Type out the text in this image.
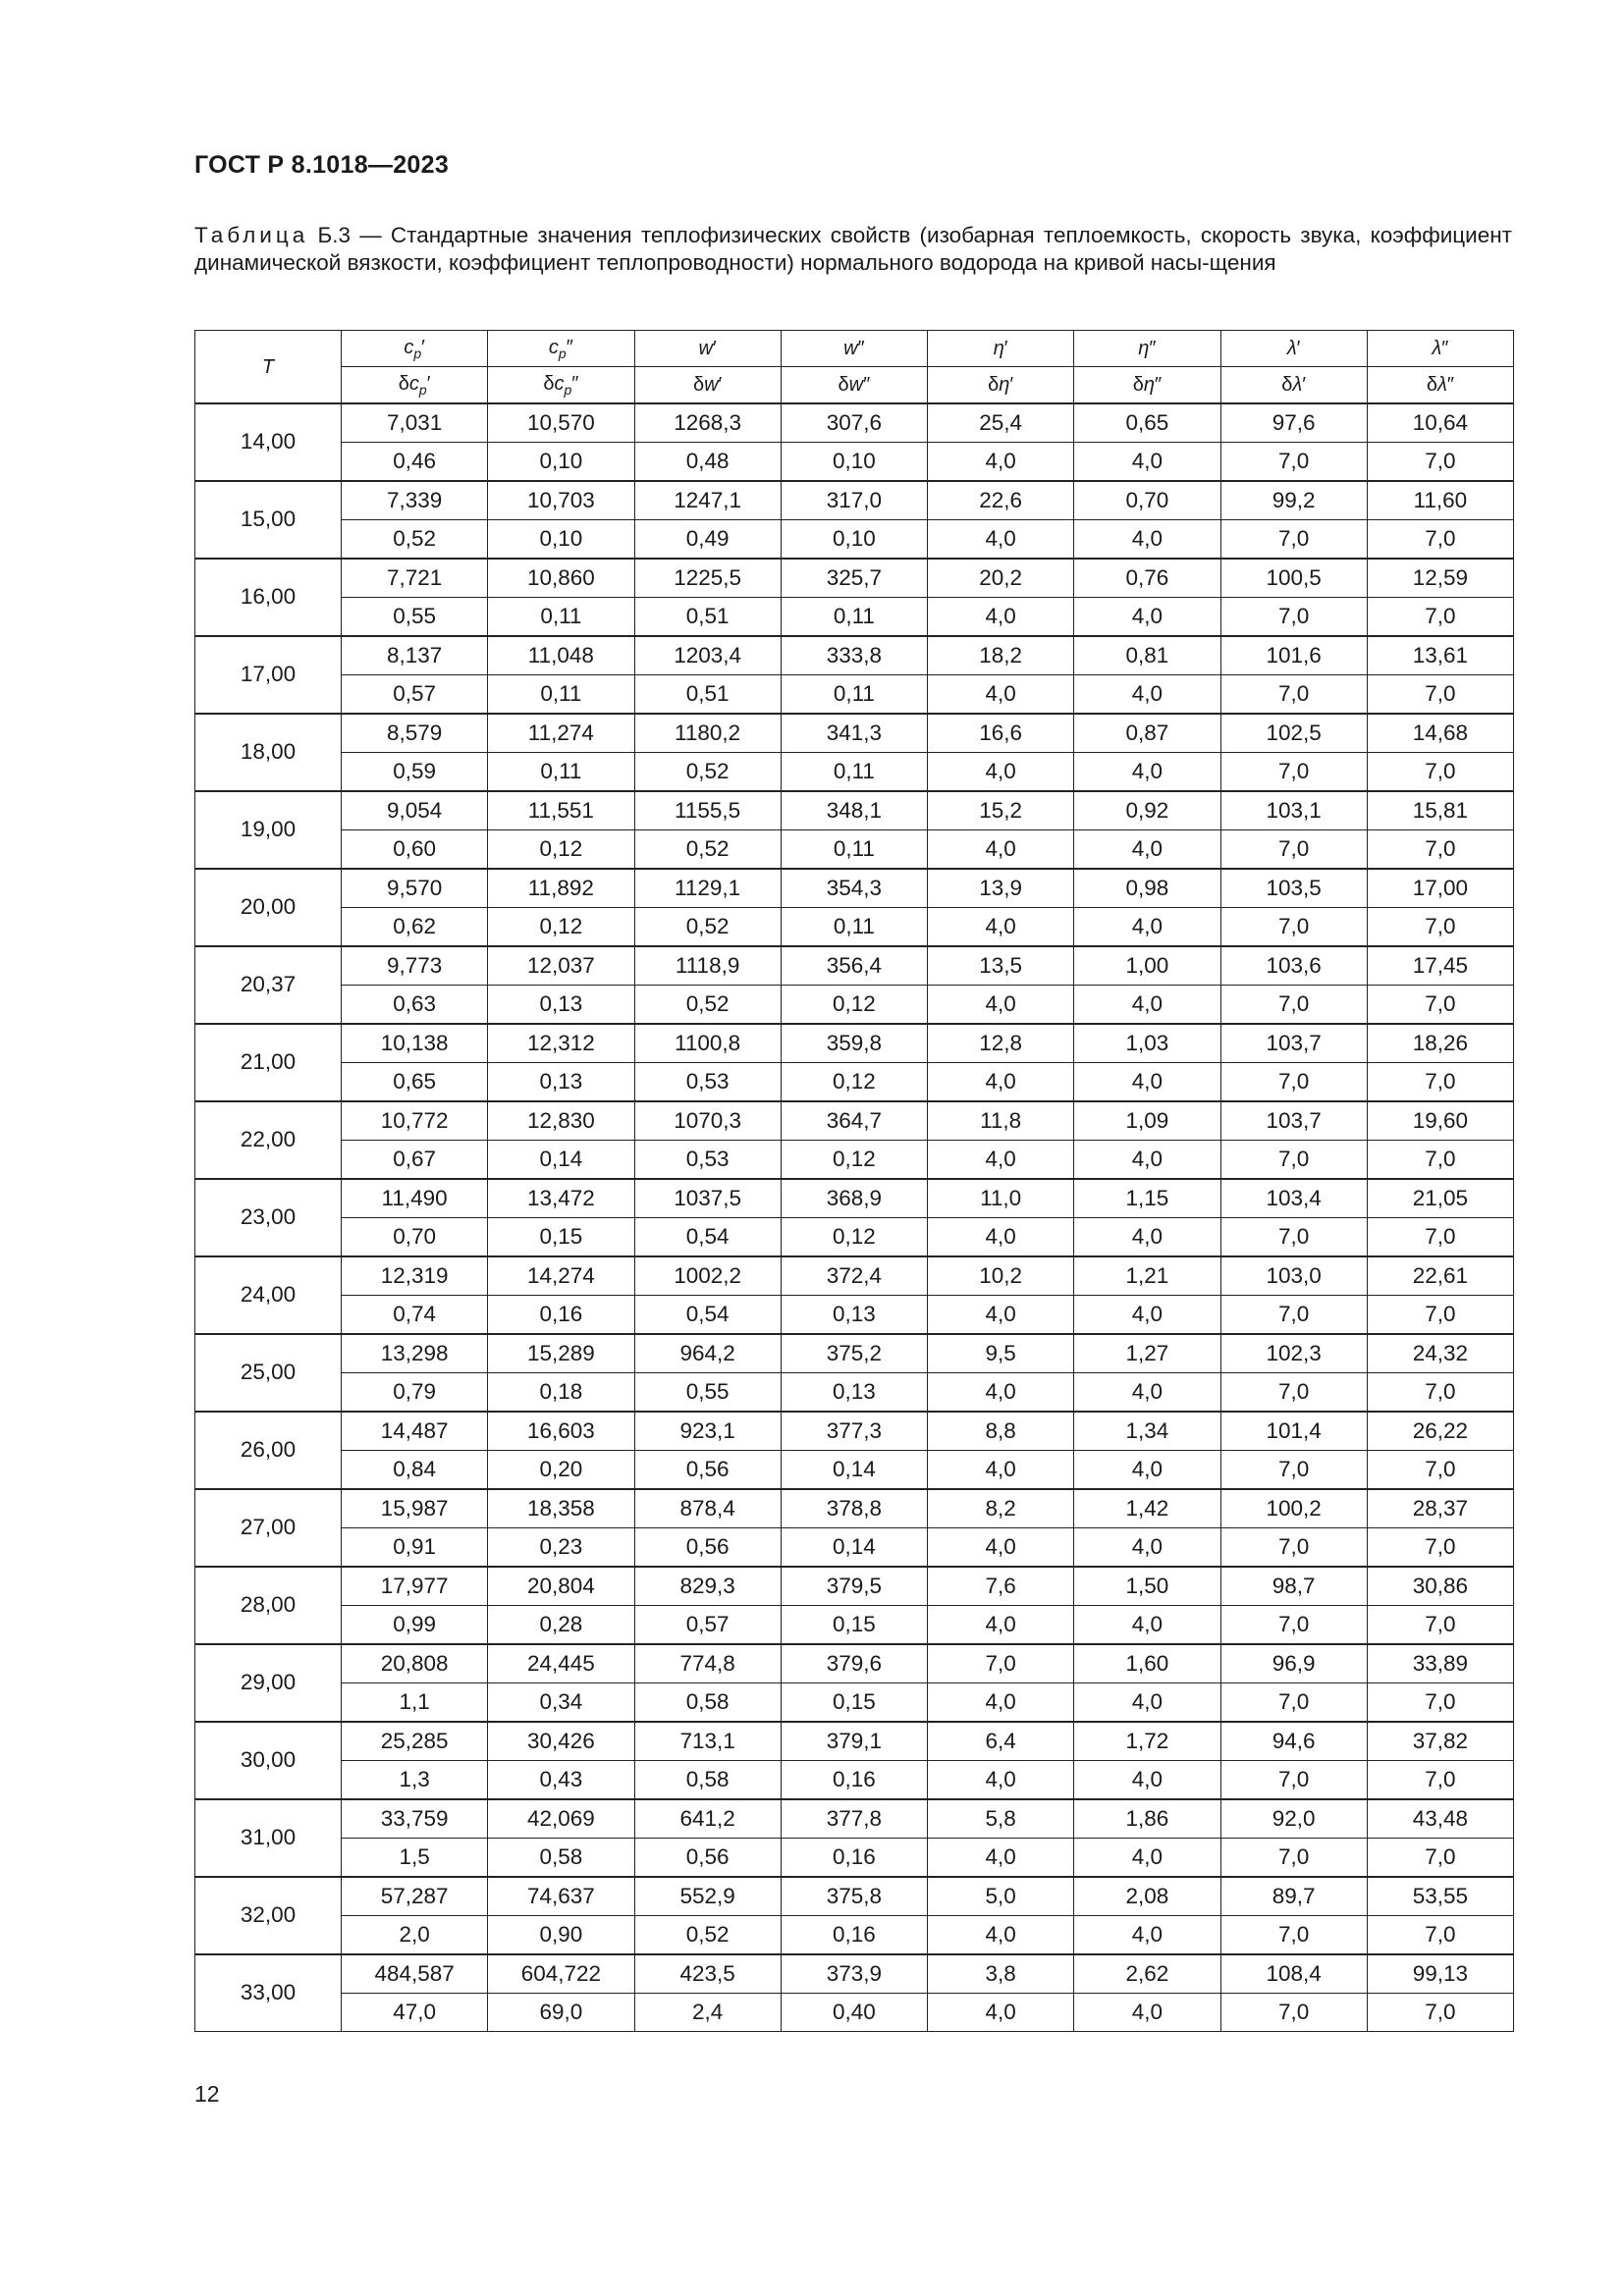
ГОСТ Р 8.1018—2023
Таблица Б.3 — Стандартные значения теплофизических свойств (изобарная теплоемкость, скорость звука, коэффициент динамической вязкости, коэффициент теплопроводности) нормального водорода на кривой насы-щения
T	$c_p'$	$c_p''$	w′	w″	η′	η″	λ′	λ″
	$\delta c_p'$	$\delta c_p''$	δw′	δw″	δη′	δη″	δλ′	δλ″
14,00	7,031	10,570	1268,3	307,6	25,4	0,65	97,6	10,64
	0,46	0,10	0,48	0,10	4,0	4,0	7,0	7,0
15,00	7,339	10,703	1247,1	317,0	22,6	0,70	99,2	11,60
	0,52	0,10	0,49	0,10	4,0	4,0	7,0	7,0
16,00	7,721	10,860	1225,5	325,7	20,2	0,76	100,5	12,59
	0,55	0,11	0,51	0,11	4,0	4,0	7,0	7,0
17,00	8,137	11,048	1203,4	333,8	18,2	0,81	101,6	13,61
	0,57	0,11	0,51	0,11	4,0	4,0	7,0	7,0
18,00	8,579	11,274	1180,2	341,3	16,6	0,87	102,5	14,68
	0,59	0,11	0,52	0,11	4,0	4,0	7,0	7,0
19,00	9,054	11,551	1155,5	348,1	15,2	0,92	103,1	15,81
	0,60	0,12	0,52	0,11	4,0	4,0	7,0	7,0
20,00	9,570	11,892	1129,1	354,3	13,9	0,98	103,5	17,00
	0,62	0,12	0,52	0,11	4,0	4,0	7,0	7,0
20,37	9,773	12,037	1118,9	356,4	13,5	1,00	103,6	17,45
	0,63	0,13	0,52	0,12	4,0	4,0	7,0	7,0
21,00	10,138	12,312	1100,8	359,8	12,8	1,03	103,7	18,26
	0,65	0,13	0,53	0,12	4,0	4,0	7,0	7,0
22,00	10,772	12,830	1070,3	364,7	11,8	1,09	103,7	19,60
	0,67	0,14	0,53	0,12	4,0	4,0	7,0	7,0
23,00	11,490	13,472	1037,5	368,9	11,0	1,15	103,4	21,05
	0,70	0,15	0,54	0,12	4,0	4,0	7,0	7,0
24,00	12,319	14,274	1002,2	372,4	10,2	1,21	103,0	22,61
	0,74	0,16	0,54	0,13	4,0	4,0	7,0	7,0
25,00	13,298	15,289	964,2	375,2	9,5	1,27	102,3	24,32
	0,79	0,18	0,55	0,13	4,0	4,0	7,0	7,0
26,00	14,487	16,603	923,1	377,3	8,8	1,34	101,4	26,22
	0,84	0,20	0,56	0,14	4,0	4,0	7,0	7,0
27,00	15,987	18,358	878,4	378,8	8,2	1,42	100,2	28,37
	0,91	0,23	0,56	0,14	4,0	4,0	7,0	7,0
28,00	17,977	20,804	829,3	379,5	7,6	1,50	98,7	30,86
	0,99	0,28	0,57	0,15	4,0	4,0	7,0	7,0
29,00	20,808	24,445	774,8	379,6	7,0	1,60	96,9	33,89
	1,1	0,34	0,58	0,15	4,0	4,0	7,0	7,0
30,00	25,285	30,426	713,1	379,1	6,4	1,72	94,6	37,82
	1,3	0,43	0,58	0,16	4,0	4,0	7,0	7,0
31,00	33,759	42,069	641,2	377,8	5,8	1,86	92,0	43,48
	1,5	0,58	0,56	0,16	4,0	4,0	7,0	7,0
32,00	57,287	74,637	552,9	375,8	5,0	2,08	89,7	53,55
	2,0	0,90	0,52	0,16	4,0	4,0	7,0	7,0
33,00	484,587	604,722	423,5	373,9	3,8	2,62	108,4	99,13
	47,0	69,0	2,4	0,40	4,0	4,0	7,0	7,0
12
